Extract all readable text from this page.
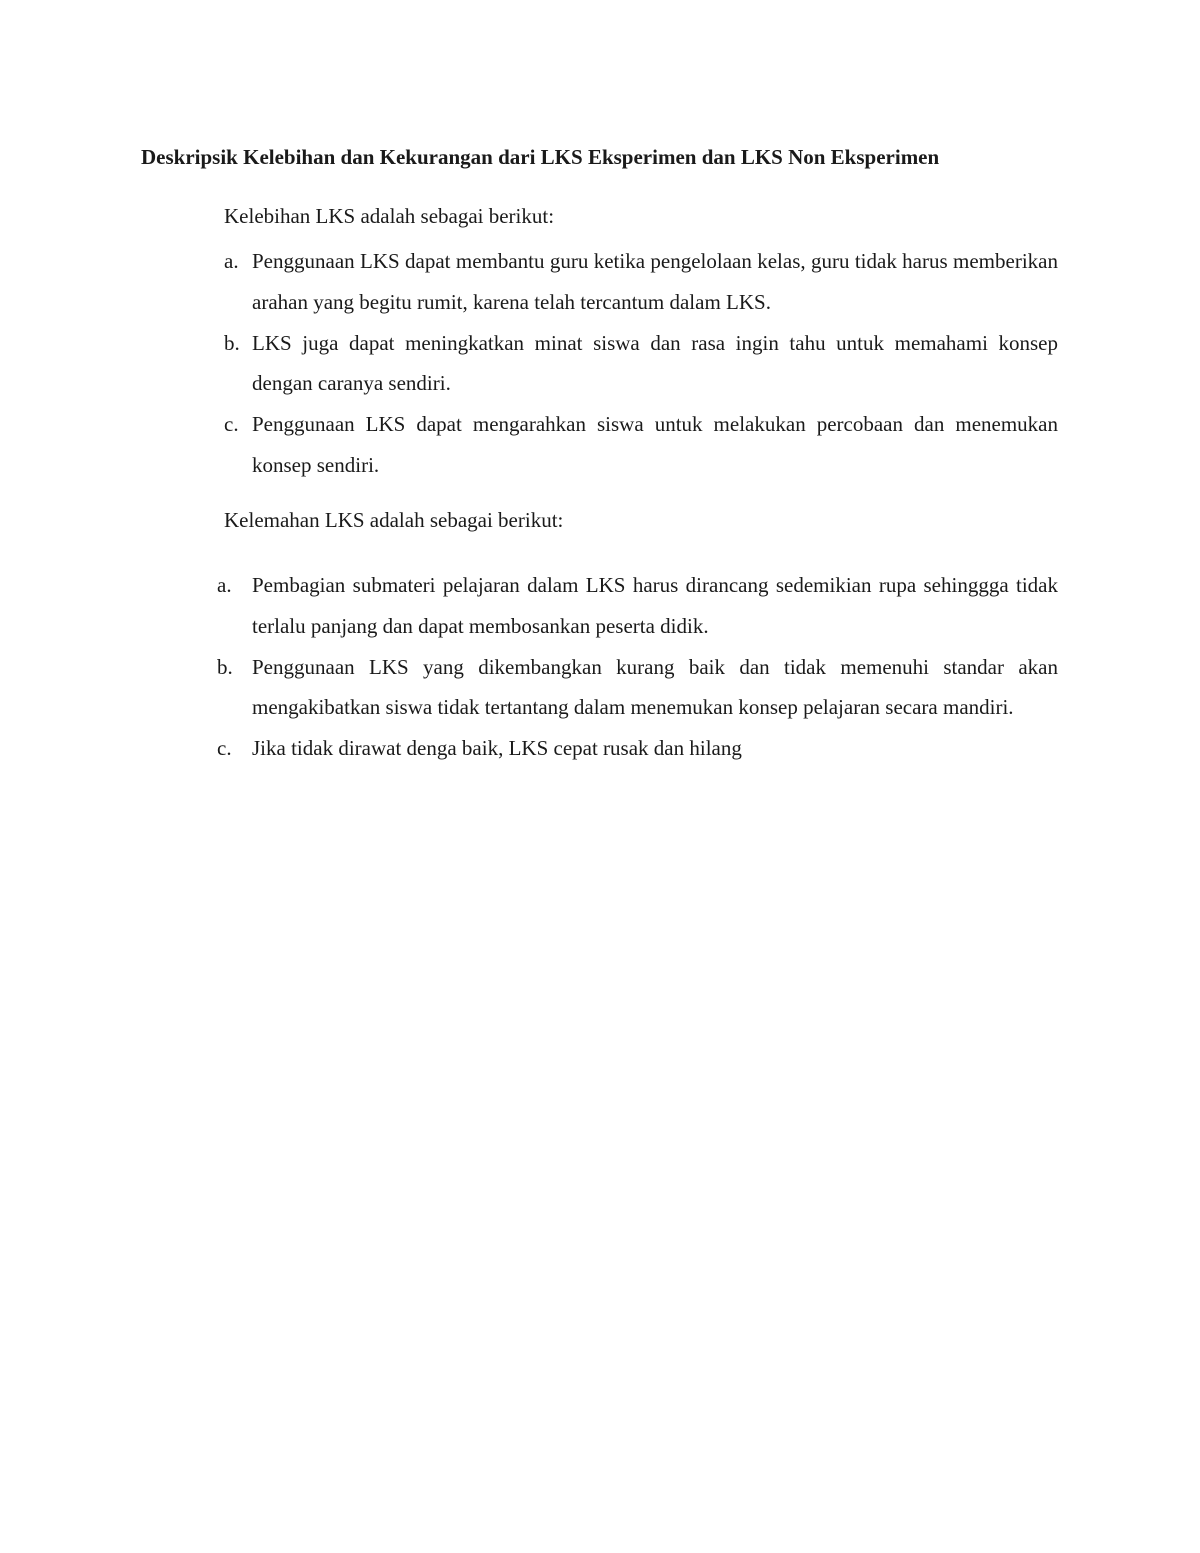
Deskripsik Kelebihan dan Kekurangan dari LKS Eksperimen dan LKS Non Eksperimen

Kelebihan LKS adalah sebagai berikut:

a. Penggunaan LKS dapat membantu guru ketika pengelolaan kelas, guru tidak harus memberikan arahan yang begitu rumit, karena telah tercantum dalam LKS.
b. LKS juga dapat meningkatkan minat siswa dan rasa ingin tahu untuk memahami konsep dengan caranya sendiri.
c. Penggunaan LKS dapat mengarahkan siswa untuk melakukan percobaan dan menemukan konsep sendiri.

Kelemahan LKS adalah sebagai berikut:

a. Pembagian submateri pelajaran dalam LKS harus dirancang sedemikian rupa sehinggga tidak terlalu panjang dan dapat membosankan peserta didik.
b. Penggunaan LKS yang dikembangkan kurang baik dan tidak memenuhi standar akan mengakibatkan siswa tidak tertantang dalam menemukan konsep pelajaran secara mandiri.
c. Jika tidak dirawat denga baik, LKS cepat rusak dan hilang
